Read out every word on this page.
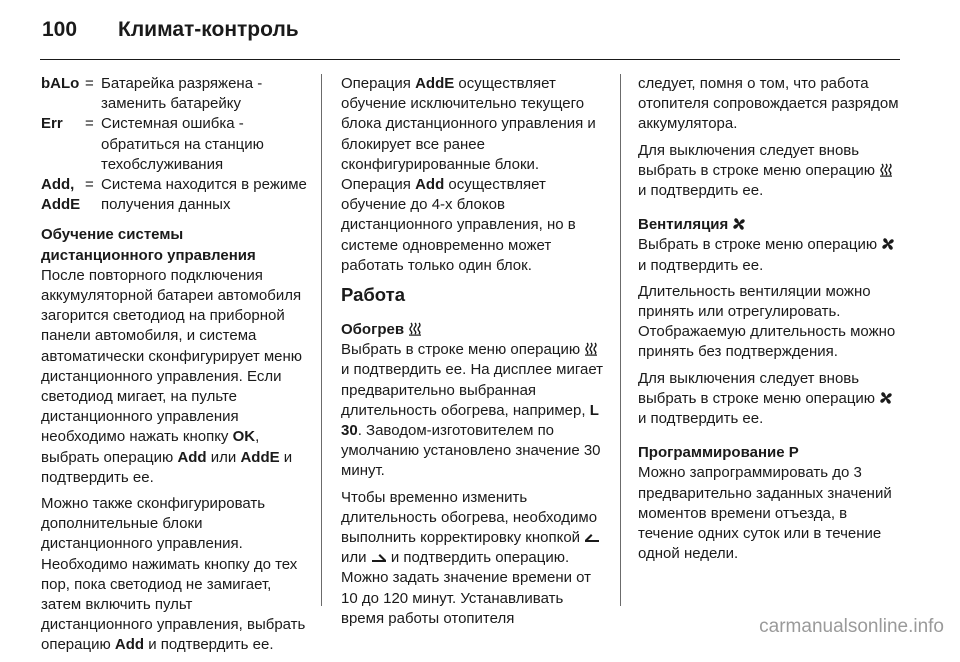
100 Климат-контроль
bALo = Батарейка разряжена - заменить батарейку
Err	= Системная ошибка - обратиться на станцию техобслуживания
Add, AddE
= Система находится в режиме получения данных
Обучение системы дистанционного управления

После повторного подключения аккумуляторной батареи автомобиля загорится светодиод на приборной панели автомобиля, и система автоматически сконфигурирует меню дистанционного управления. Если светодиод мигает, на пульте дистанционного управления необходимо нажать кнопку OK, выбрать операцию Add или AddE и подтвердить ее.

Можно также сконфигурировать дополнительные блоки дистанционного управления. Необходимо нажимать кнопку до тех пор, пока светодиод не замигает, затем включить пульт дистанционного управления, выбрать операцию Add и подтвердить ее.

Операция AddE осуществляет обучение исключительно текущего блока дистанционного управления и блокирует все ранее сконфигурированные блоки. Операция Add осуществляет обучение до 4-х блоков дистанционного управления, но в системе одновременно может работать только один блок.

Работа
Обогрев

Выбрать в строке меню операцию  и подтвердить ее. На дисплее мигает предварительно выбранная длительность обогрева, например, L 30. Заводом-изготовителем по умолчанию установлено значение 30 минут.

Чтобы временно изменить длительность обогрева, необходимо выполнить корректировку кнопкой  или  и подтвердить операцию. Можно задать значение времени от 10 до 120 минут. Устанавливать время работы отопителя

следует, помня о том, что работа отопителя сопровождается разрядом аккумулятора.

Для выключения следует вновь выбрать в строке меню операцию  и подтвердить ее.

Вентиляция

Выбрать в строке меню операцию  и подтвердить ее.

Длительность вентиляции можно принять или отрегулировать. Отображаемую длительность можно принять без подтверждения.

Для выключения следует вновь выбрать в строке меню операцию  и подтвердить ее.

Программирование P

Можно запрограммировать до 3 предварительно заданных значений моментов времени отъезда, в течение одних суток или в течение одной недели.

carmanualsonline.info
